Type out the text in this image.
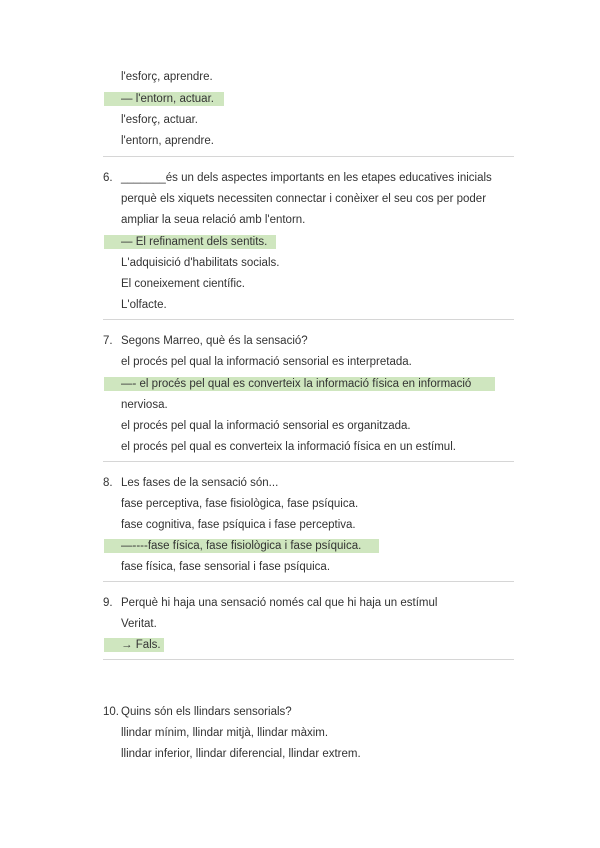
l'esforç, aprendre.
— l'entorn, actuar.
l'esforç, actuar.
l'entorn, aprendre.
6. _______és un dels aspectes importants en les etapes educatives inicials
perquè els xiquets necessiten connectar i conèixer el seu cos per poder
ampliar la seua relació amb l'entorn.
— El refinament dels sentits.
L'adquisició d'habilitats socials.
El coneixement científic.
L'olfacte.
7. Segons Marreo, què és la sensació?
el procés pel qual la informació sensorial es interpretada.
—- el procés pel qual es converteix la informació física en informació
nerviosa.
el procés pel qual la informació sensorial es organitzada.
el procés pel qual es converteix la informació física en un estímul.
8. Les fases de la sensació són...
fase perceptiva, fase fisiològica, fase psíquica.
fase cognitiva, fase psíquica i fase perceptiva.
—----fase física, fase fisiològica i fase psíquica.
fase física, fase sensorial i fase psíquica.
9. Perquè hi haja una sensació només cal que hi haja un estímul
Veritat.
→ Fals.
10. Quins són els llindars sensorials?
llindar mínim, llindar mitjà, llindar màxim.
llindar inferior, llindar diferencial, llindar extrem.
